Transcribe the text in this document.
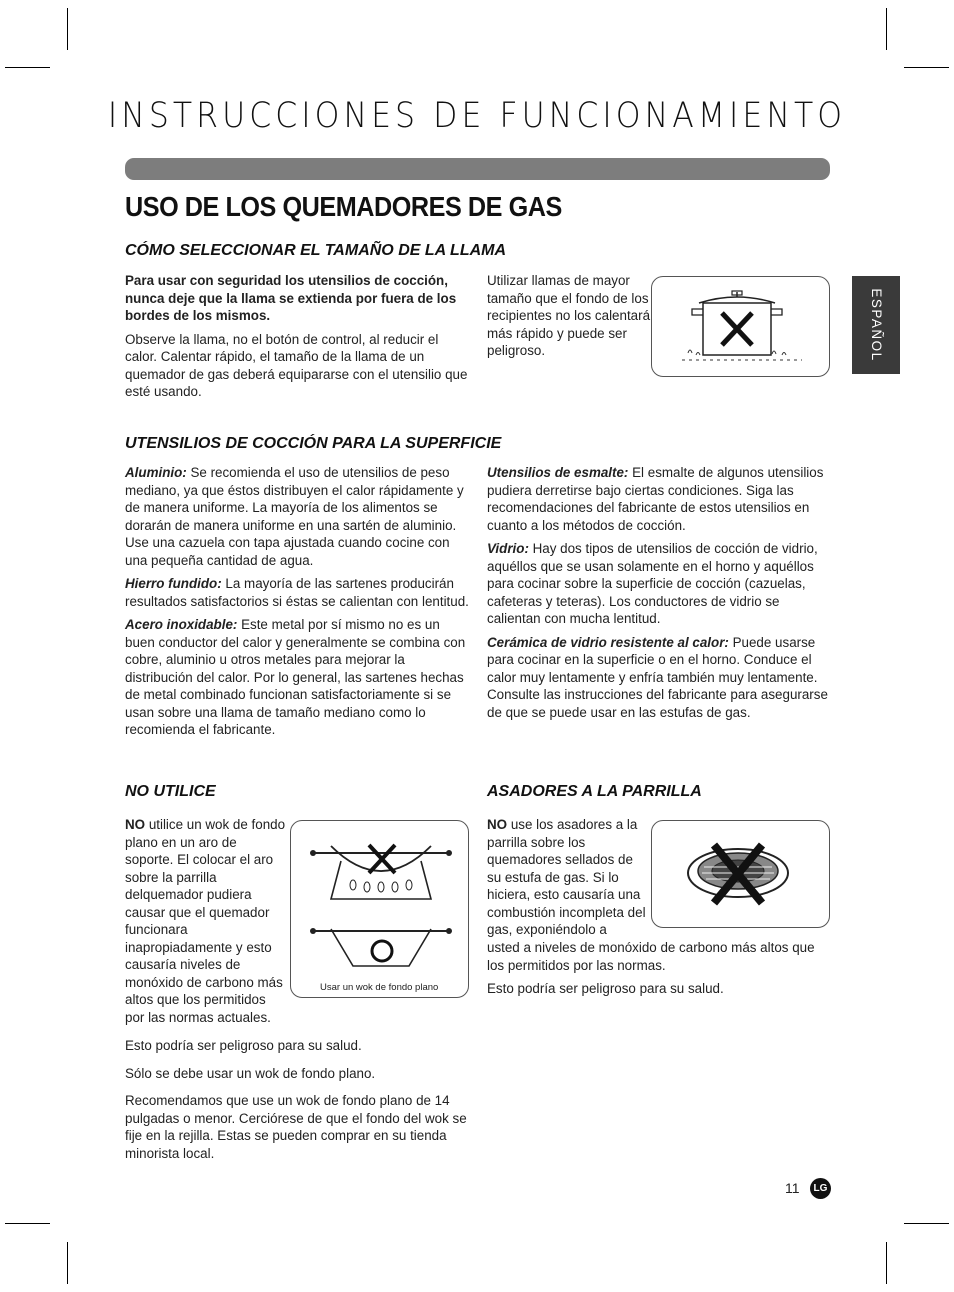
INSTRUCCIONES DE FUNCIONAMIENTO
USO DE LOS QUEMADORES DE GAS
CÓMO SELECCIONAR EL TAMAÑO DE LA LLAMA

Para usar con seguridad los utensilios de cocción, nunca deje que la llama se extienda por fuera de los bordes de los mismos.

Observe la llama, no el botón de control, al reducir el calor. Calentar rápido, el tamaño de la llama de un quemador de gas deberá equipararse con el utensilio que esté usando.

Utilizar llamas de mayor tamaño que el fondo de los recipientes no los calentará más rápido y puede ser peligroso.
UTENSILIOS DE COCCIÓN PARA LA SUPERFICIE

Aluminio: Se recomienda el uso de utensilios de peso mediano, ya que éstos distribuyen el calor rápidamente y de manera uniforme. La mayoría de los alimentos se dorarán de manera uniforme en una sartén de aluminio. Use una cazuela con tapa ajustada cuando cocine con una pequeña cantidad de agua.

Hierro fundido: La mayoría de las sartenes producirán resultados satisfactorios si éstas se calientan con lentitud.

Acero inoxidable: Este metal por sí mismo no es un buen conductor del calor y generalmente se combina con cobre, aluminio u otros metales para mejorar la distribución del calor. Por lo general, las sartenes hechas de metal combinado funcionan satisfactoriamente si se usan sobre una llama de tamaño mediano como lo recomienda el fabricante.

Utensilios de esmalte: El esmalte de algunos utensilios pudiera derretirse bajo ciertas condiciones. Siga las recomendaciones del fabricante de estos utensilios en cuanto a los métodos de cocción.

Vidrio: Hay dos tipos de utensilios de cocción de vidrio, aquéllos que se usan solamente en el horno y aquéllos para cocinar sobre la superficie de cocción (cazuelas, cafeteras y teteras). Los conductores de vidrio se calientan con mucha lentitud.

Cerámica de vidrio resistente al calor: Puede usarse para cocinar en la superficie o en el horno. Conduce el calor muy lentamente y enfría también muy lentamente. Consulte las instrucciones del fabricante para asegurarse de que se puede usar en las estufas de gas.

NO UTILICE
NO utilice un wok de fondo plano en un aro de soporte. El colocar el aro sobre la parrilla delquemador pudiera causar que el quemador funcionara inapropiadamente y esto causaría niveles de monóxido de carbono más altos que los permitidos por las normas actuales.
Usar un wok de fondo plano

Esto podría ser peligroso para su salud.

Sólo se debe usar un wok de fondo plano.

Recomendamos que use un wok de fondo plano de 14 pulgadas o menor. Cerciórese de que el fondo del wok se fije en la rejilla. Estas se pueden comprar en su tienda minorista local.

ASADORES A LA PARRILLA
NO use los asadores a la parrilla sobre los quemadores sellados de su estufa de gas. Si lo hiciera, esto causaría una combustión incompleta del gas, exponiéndolo a
usted a niveles de monóxido de carbono más altos que los permitidos por las normas.
Esto podría ser peligroso para su salud.
ESPAÑOL
11	LG
